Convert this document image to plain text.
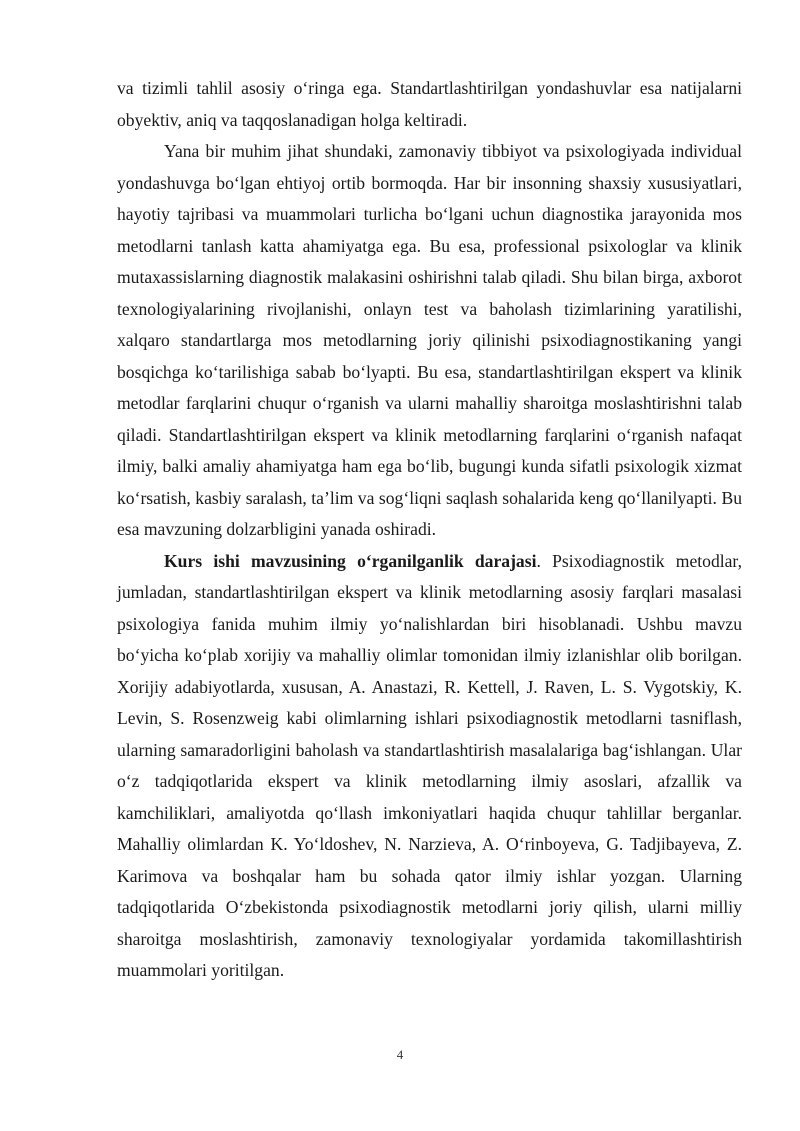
va tizimli tahlil asosiy o‘ringa ega. Standartlashtirilgan yondashuvlar esa natijalarni obyektiv, aniq va taqqoslanadigan holga keltiradi.

Yana bir muhim jihat shundaki, zamonaviy tibbiyot va psixologiyada individual yondashuvga bo‘lgan ehtiyoj ortib bormoqda. Har bir insonning shaxsiy xususiyatlari, hayotiy tajribasi va muammolari turlicha bo‘lgani uchun diagnostika jarayonida mos metodlarni tanlash katta ahamiyatga ega. Bu esa, professional psixologlar va klinik mutaxassislarning diagnostik malakasini oshirishni talab qiladi. Shu bilan birga, axborot texnologiyalarining rivojlanishi, onlayn test va baholash tizimlarining yaratilishi, xalqaro standartlarga mos metodlarning joriy qilinishi psixodiagnostikaning yangi bosqichga ko‘tarilishiga sabab bo‘lyapti. Bu esa, standartlashtirilgan ekspert va klinik metodlar farqlarini chuqur o‘rganish va ularni mahalliy sharoitga moslashtirishni talab qiladi. Standartlashtirilgan ekspert va klinik metodlarning farqlarini o‘rganish nafaqat ilmiy, balki amaliy ahamiyatga ham ega bo‘lib, bugungi kunda sifatli psixologik xizmat ko‘rsatish, kasbiy saralash, ta’lim va sog‘liqni saqlash sohalarida keng qo‘llanilyapti. Bu esa mavzuning dolzarbligini yanada oshiradi.

Kurs ishi mavzusining o‘rganilganlik darajasi. Psixodiagnostik metodlar, jumladan, standartlashtirilgan ekspert va klinik metodlarning asosiy farqlari masalasi psixologiya fanida muhim ilmiy yo‘nalishlardan biri hisoblanadi. Ushbu mavzu bo‘yicha ko‘plab xorijiy va mahalliy olimlar tomonidan ilmiy izlanishlar olib borilgan. Xorijiy adabiyotlarda, xususan, A. Anastazi, R. Kettell, J. Raven, L. S. Vygotskiy, K. Levin, S. Rosenzweig kabi olimlarning ishlari psixodiagnostik metodlarni tasniflash, ularning samaradorligini baholash va standartlashtirish masalalariga bag‘ishlangan. Ular o‘z tadqiqotlarida ekspert va klinik metodlarning ilmiy asoslari, afzallik va kamchiliklari, amaliyotda qo‘llash imkoniyatlari haqida chuqur tahlillar berganlar. Mahalliy olimlardan K. Yo‘ldoshev, N. Narzieva, A. O‘rinboyeva, G. Tadjibayeva, Z. Karimova va boshqalar ham bu sohada qator ilmiy ishlar yozgan. Ularning tadqiqotlarida O‘zbekistonda psixodiagnostik metodlarni joriy qilish, ularni milliy sharoitga moslashtirish, zamonaviy texnologiyalar yordamida takomillashtirish muammolari yoritilgan.

4
